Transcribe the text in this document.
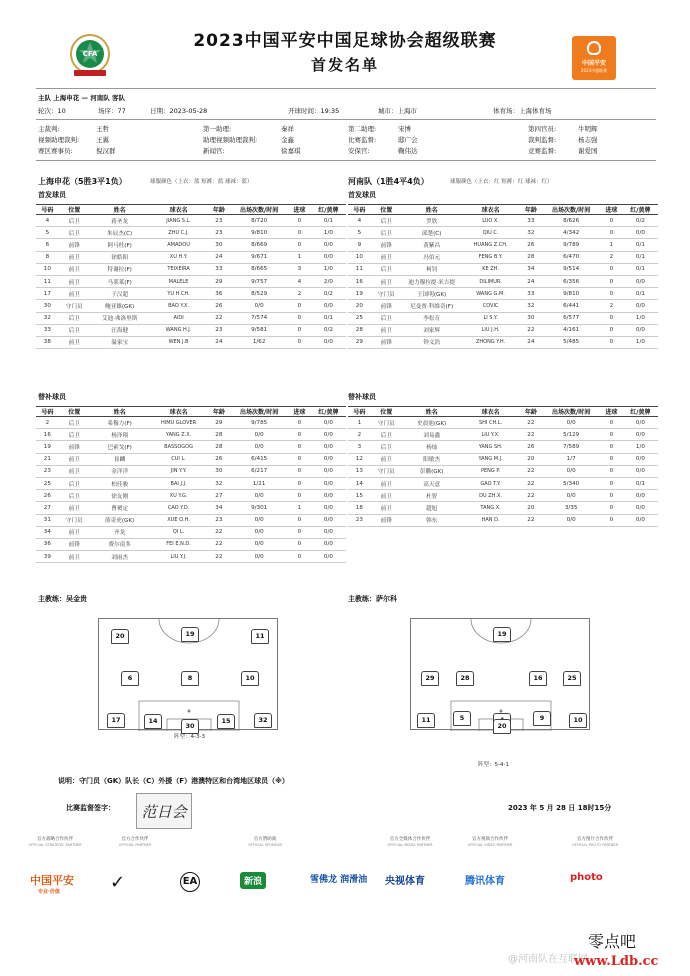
2023中国平安中国足球协会超级联赛
首发名单
CFA
中国平安
2023中超联赛
主队 上海申花 — 河南队 客队
轮次：10	场序：77	日期：2023-05-28	开球时间：19:35	城市：上海市	体育场：上海体育场
主裁判:	王哲	第一助理:	秦祥	第二助理:	宋博	第四官员:	牛明辉
视频助理裁判:	王翼	助理视频助理裁判:	金鑫	比赛监督:	邸广会	裁判监督:	杨志强
赛区赛事员:	倪汉群	新闻官:	徐嘉琪	安保官:	鞠伟达	竞赛监督:	谢爱国
上海申花（5胜3平1负）	球服颜色（上衣：蓝 短裤：蓝 球袜：蓝）	河南队（1胜4平4负）	球服颜色（上衣：红 短裤：红 球袜：红）
首发球员	首发球员
号码	位置	姓名	球衣名	年龄	出场次数/时间	进球	红/黄牌
4	后卫	蒋圣龙	JIANG S.L.	23	8/720	0	0/1
5	后卫	朱辰杰(C)	ZHU C.J.	23	9/810	0	1/0
6	前锋	阿马杜(F)	AMADOU	30	8/669	0	0/0
8	前卫	徐皓阳	XU H.Y.	24	9/671	1	0/0
10	前卫	特谢拉(F)	TEIXEIRA	33	8/665	3	1/0
11	前卫	马莱莱(F)	MALELE	29	9/757	4	2/0
17	前卫	于汉超	YU H.CH.	36	8/529	2	0/2
30	守门员	鲍亚雄(GK)	BAO Y.X.	26	0/0	0	0/0
32	后卫	艾迪·弗洛里斯	AIDI	22	7/574	0	0/1
33	后卫	汪海健	WANG H.J.	23	9/581	0	0/2
38	前卫	温家宝	WEN J.B	24	1/62	0	0/0
号码	位置	姓名	球衣名	年龄	出场次数/时间	进球	红/黄牌
4	后卫	罗欣	LUO X.	33	8/626	0	0/2
5	后卫	邱楚(C)	QIU C.	32	4/342	0	0/0
9	前锋	黄紫昌	HUANG Z.CH.	26	9/789	1	0/1
10	前卫	冯伯元	FENG B.Y.	28	6/470	2	0/1
11	后卫	柯钊	KE ZH.	34	9/514	0	0/1
16	前卫	迪力穆拉提·米吉提	DILIMUR.	24	6/356	0	0/0
19	守门员	王国明(GK)	WANG G.M.	33	9/810	0	0/1
20	前锋	尼曼贾·科维奇(F)	COVIC	32	6/441	2	0/0
25	后卫	李松育	LI S.Y.	30	6/577	0	1/0
28	前卫	刘家辉	LIU J.H.	22	4/161	0	0/0
29	前锋	钟义浩	ZHONG Y.H.	24	5/485	0	1/0
替补球员	替补球员
号码	位置	姓名	球衣名	年龄	出场次数/时间	进球	红/黄牌
2	后卫	希穆力(F)	HIMU GLOVER	29	9/785	0	0/0
16	后卫	杨泽翔	YANG Z.X.	28	0/0	0	0/0
19	前锋	巴索戈(F)	BASSOGOG	28	0/0	0	0/0
21	前卫	崔麟	CUI L.	26	6/415	0	0/0
23	前卫	金洋洋	JIN Y.Y.	30	6/217	0	0/0
25	后卫	柏佳骏	BAI J.J.	32	1/21	0	0/0
26	后卫	徐友刚	XU Y.G.	27	0/0	0	0/0
27	前卫	曹赟定	CAO Y.D.	34	9/301	1	0/0
31	守门员	薛奇虎(GK)	XUE Q.H.	23	0/0	0	0/0
34	前卫	齐龙	QI L.	22	0/0	0	0/0
36	前锋	费尔南多	FEI E.N.D.	22	0/0	0	0/0
39	前卫	刘雨杰	LIU Y.J.	22	0/0	0	0/0
号码	位置	姓名	球衣名	年龄	出场次数/时间	进球	红/黄牌
1	守门员	史晨池(GK)	SHI CH.L.	22	0/0	0	0/0
2	后卫	刘易鑫	LIU Y.X.	22	5/129	0	0/0
3	后卫	杨灿	YANG SH.	26	7/589	0	1/0
12	前卫	阳敏杰	YANG M.J.	20	1/7	0	0/0
13	守门员	彭鹏(GK)	PENG P.	22	0/0	0	0/0
14	前卫	高天意	GAO T.Y.	22	5/340	0	0/1
15	前卫	杜智	DU ZH.X.	22	0/0	0	0/0
18	前卫	趙旭	TANG X.	20	3/35	0	0/0
23	前锋	韩东	HAN D.	22	0/0	0	0/0
主教练：吴金贵	主教练：萨尔科
20	19	11
6	8	10
17	14	15	32
30
阵型：4-3-3
19
29	28	16	25
11	5	9	10
20
阵型：5-4-1
说明：守门员（GK）队长（C）外援（F）港澳特区和台湾地区球员（※）
比赛监督签字：	范日会	2023 年 5 月 28 日 18时15分
官方战略合作伙伴
OFFICIAL STRATEGIC PARTNER
中国平安
专业·价值
官方合作伙伴
OFFICIAL PARTNER
✓	EA
官方赞助商
OFFICIAL SPONSOR
新浪	雪佛龙 润滑油
官方全媒体合作伙伴
OFFICIAL MEDIA PARTNER
央视体育
官方视频合作伙伴
OFFICIAL VIDEO PARTNER
腾讯体育
官方图片合作伙伴
OFFICIAL PHOTO PARTNER
photo
零点吧
@河南队在互联网
www.Ldb.cc
